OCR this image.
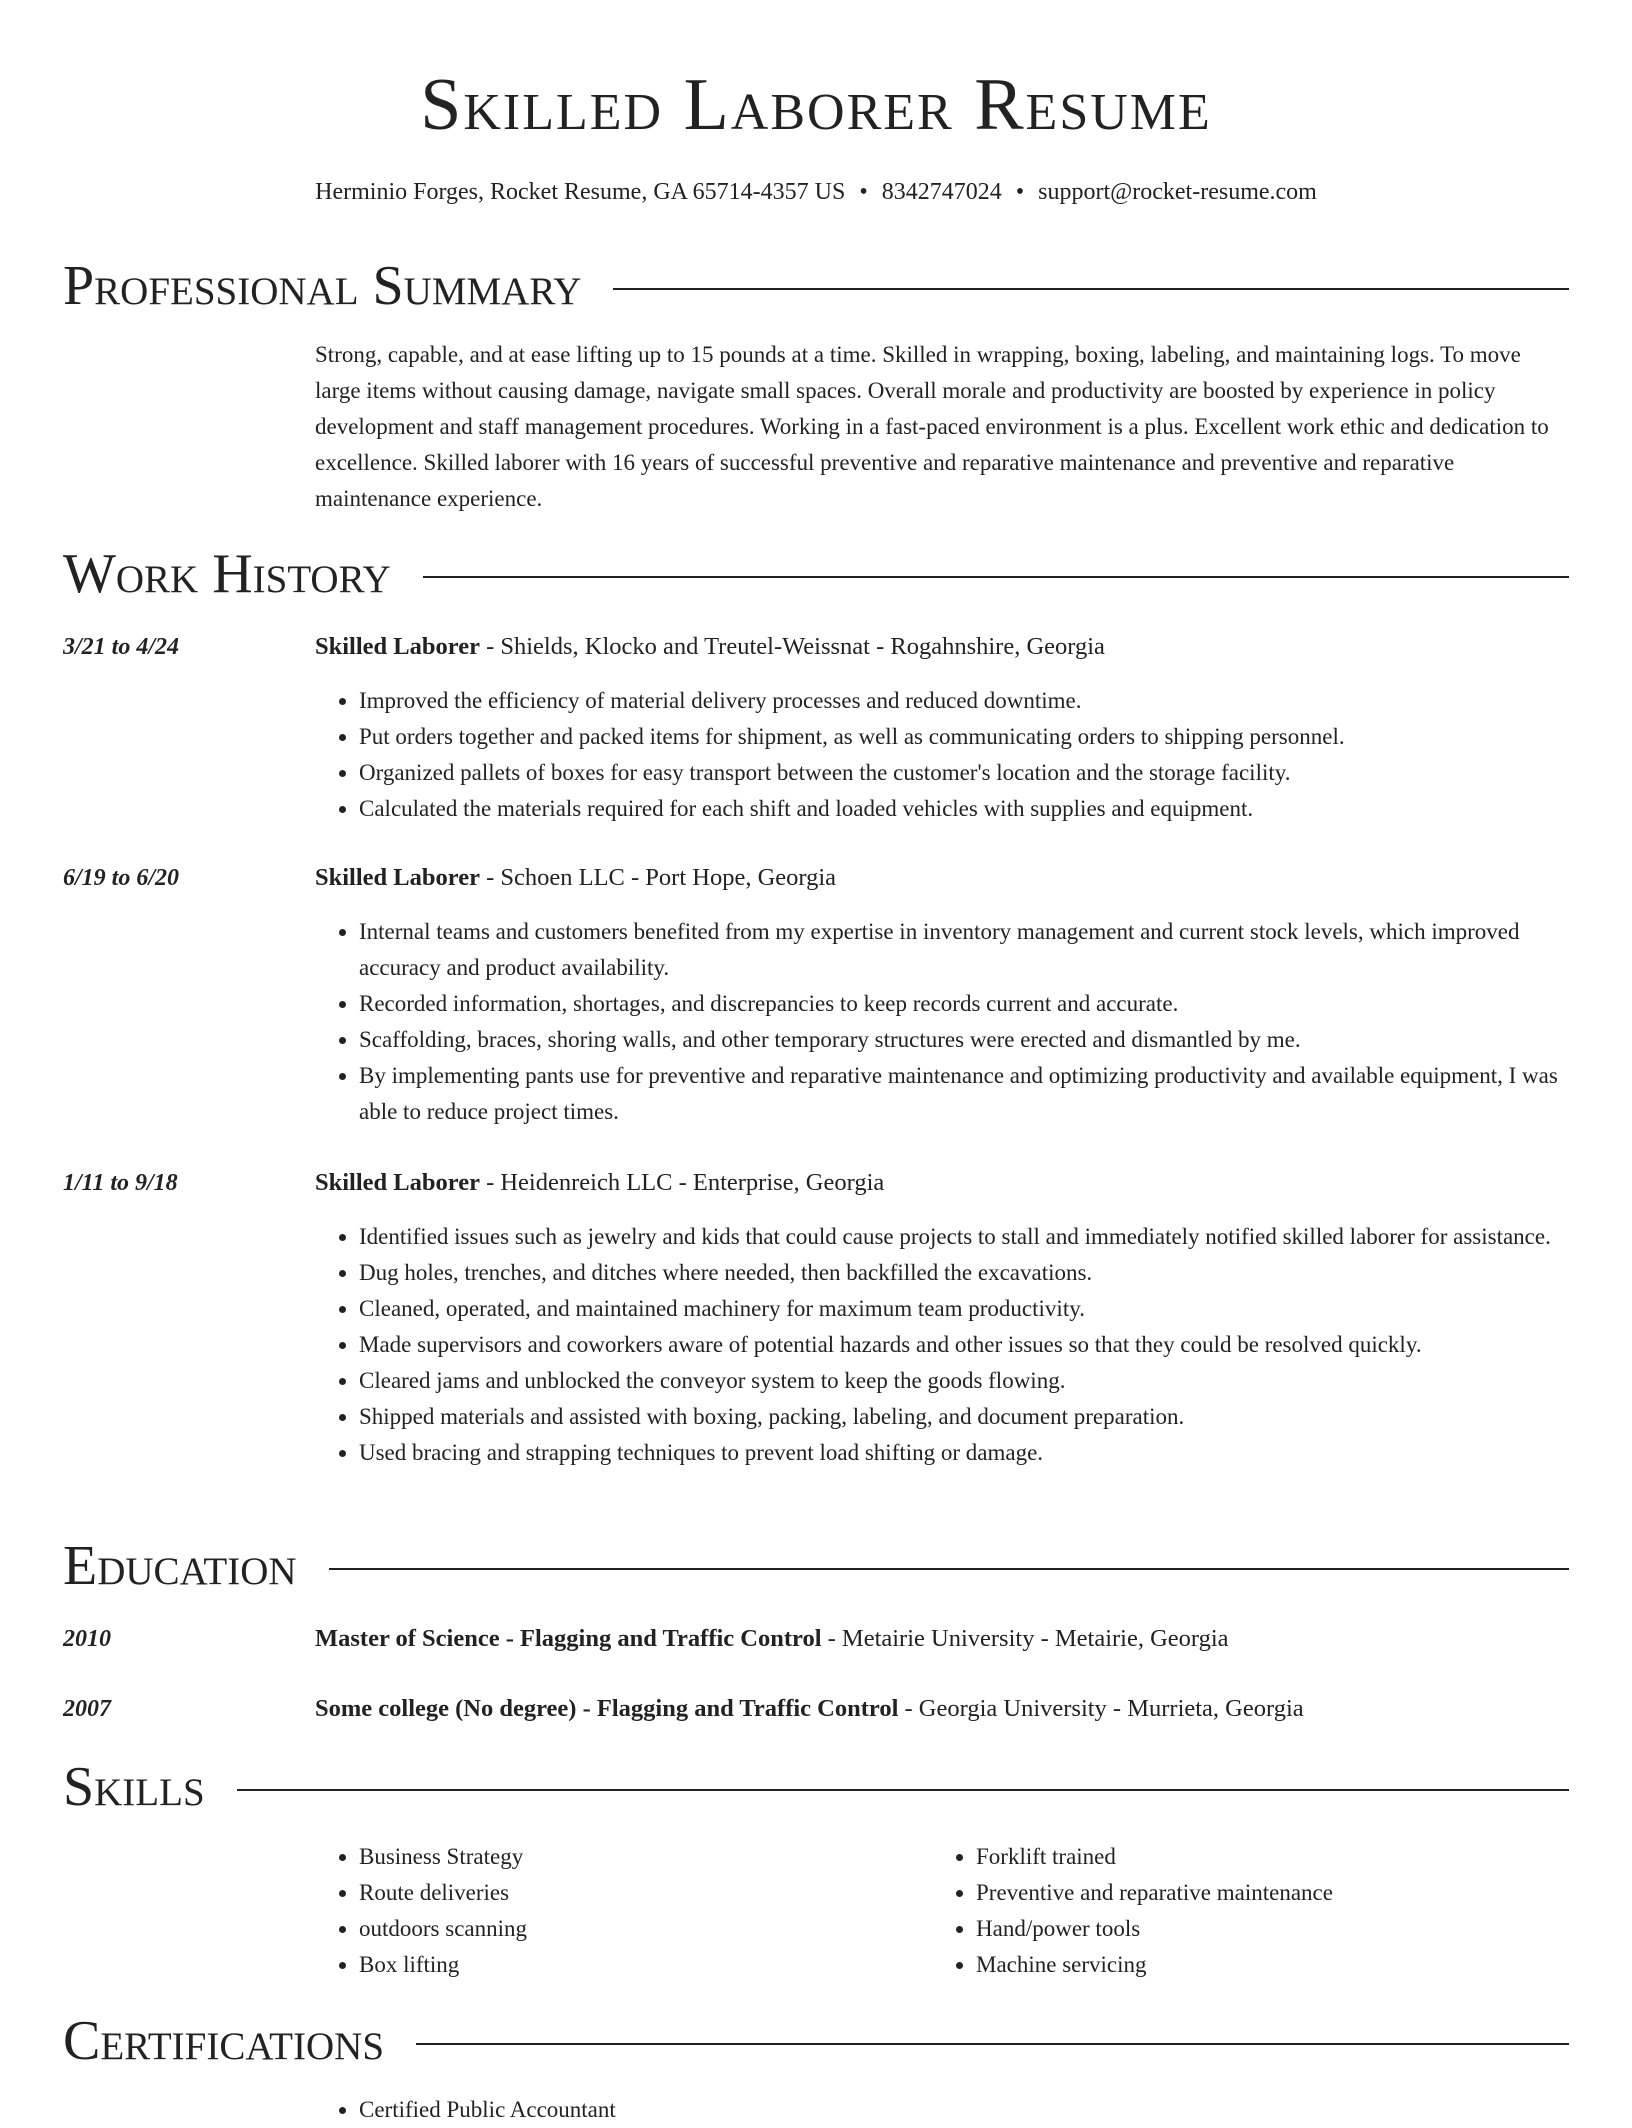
Skilled Laborer Resume
Herminio Forges, Rocket Resume, GA 65714-4357 US • 8342747024 • support@rocket-resume.com
Professional Summary

Strong, capable, and at ease lifting up to 15 pounds at a time. Skilled in wrapping, boxing, labeling, and maintaining logs. To move large items without causing damage, navigate small spaces. Overall morale and productivity are boosted by experience in policy development and staff management procedures. Working in a fast-paced environment is a plus. Excellent work ethic and dedication to excellence. Skilled laborer with 16 years of successful preventive and reparative maintenance and preventive and reparative maintenance experience.

Work History
3/21 to 4/24	Skilled Laborer - Shields, Klocko and Treutel-Weissnat - Rogahnshire, Georgia
• Improved the efficiency of material delivery processes and reduced downtime.
• Put orders together and packed items for shipment, as well as communicating orders to shipping personnel.
• Organized pallets of boxes for easy transport between the customer's location and the storage facility.
• Calculated the materials required for each shift and loaded vehicles with supplies and equipment.
6/19 to 6/20	Skilled Laborer - Schoen LLC - Port Hope, Georgia
• Internal teams and customers benefited from my expertise in inventory management and current stock levels, which improved accuracy and product availability.
• Recorded information, shortages, and discrepancies to keep records current and accurate.
• Scaffolding, braces, shoring walls, and other temporary structures were erected and dismantled by me.
• By implementing pants use for preventive and reparative maintenance and optimizing productivity and available equipment, I was able to reduce project times.
1/11 to 9/18	Skilled Laborer - Heidenreich LLC - Enterprise, Georgia
• Identified issues such as jewelry and kids that could cause projects to stall and immediately notified skilled laborer for assistance.
• Dug holes, trenches, and ditches where needed, then backfilled the excavations.
• Cleaned, operated, and maintained machinery for maximum team productivity.
• Made supervisors and coworkers aware of potential hazards and other issues so that they could be resolved quickly.
• Cleared jams and unblocked the conveyor system to keep the goods flowing.
• Shipped materials and assisted with boxing, packing, labeling, and document preparation.
• Used bracing and strapping techniques to prevent load shifting or damage.
Education
2010	Master of Science - Flagging and Traffic Control - Metairie University - Metairie, Georgia
2007	Some college (No degree) - Flagging and Traffic Control - Georgia University - Murrieta, Georgia
Skills
• Business Strategy
• Route deliveries
• outdoors scanning
• Box lifting
• Forklift trained
• Preventive and reparative maintenance
• Hand/power tools
• Machine servicing
Certifications
• Certified Public Accountant
